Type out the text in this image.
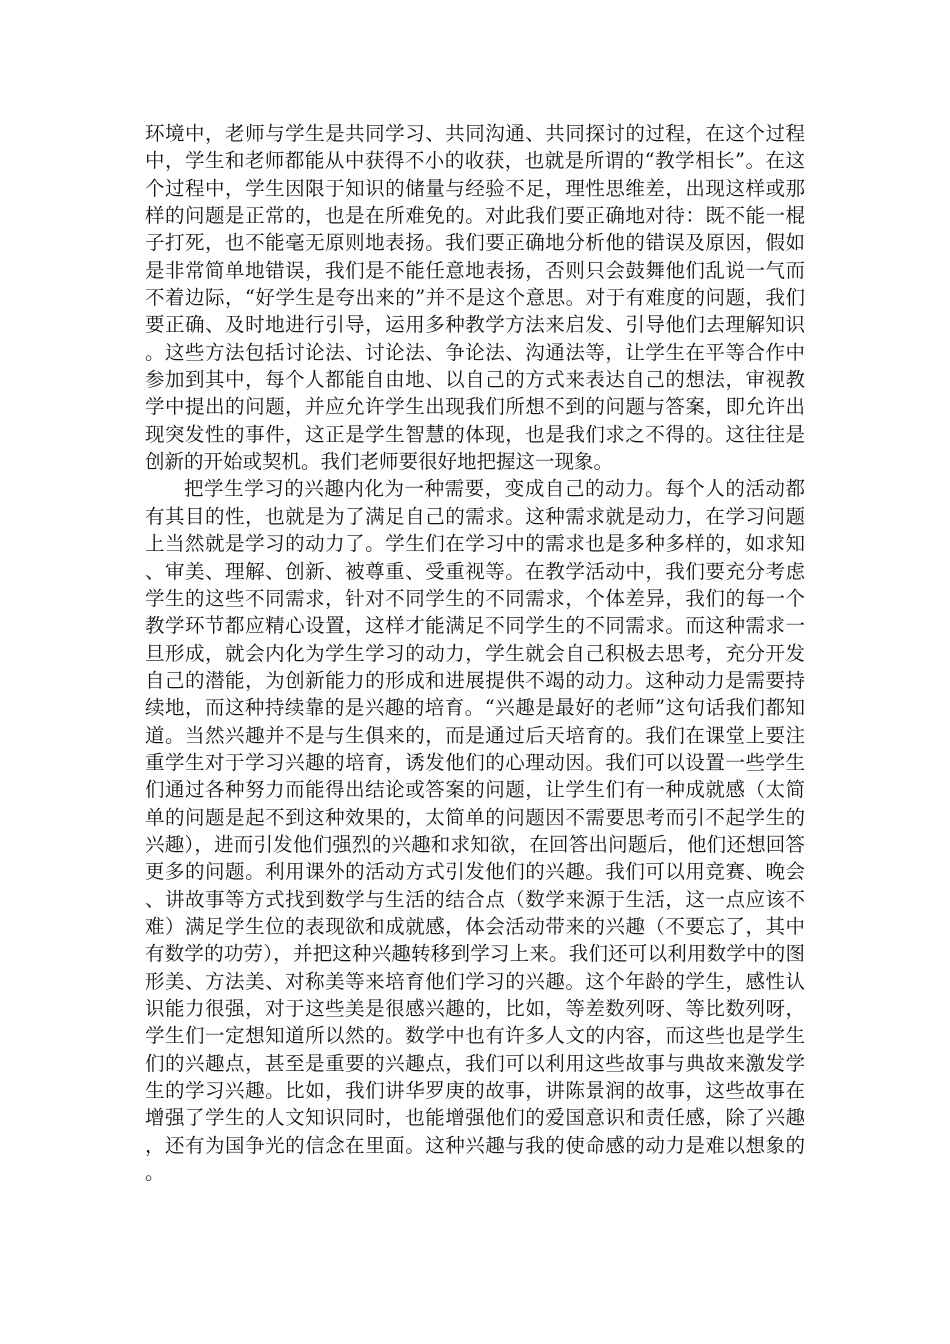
环境中，老师与学生是共同学习、共同沟通、共同探讨的过程，在这个过程中，学生和老师都能从中获得不小的收获，也就是所谓的“教学相长”。在这个过程中，学生因限于知识的储量与经验不足，理性思维差，出现这样或那样的问题是正常的，也是在所难免的。对此我们要正确地对待：既不能一棍子打死，也不能毫无原则地表扬。我们要正确地分析他的错误及原因，假如是非常简单地错误，我们是不能任意地表扬，否则只会鼓舞他们乱说一气而不着边际，“好学生是夸出来的”并不是这个意思。对于有难度的问题，我们要正确、及时地进行引导，运用多种教学方法来启发、引导他们去理解知识。这些方法包括讨论法、讨论法、争论法、沟通法等，让学生在平等合作中参加到其中，每个人都能自由地、以自己的方式来表达自己的想法，审视教学中提出的问题，并应允许学生出现我们所想不到的问题与答案，即允许出现突发性的事件，这正是学生智慧的体现，也是我们求之不得的。这往往是创新的开始或契机。我们老师要很好地把握这一现象。

把学生学习的兴趣内化为一种需要，变成自己的动力。每个人的活动都有其目的性，也就是为了满足自己的需求。这种需求就是动力，在学习问题上当然就是学习的动力了。学生们在学习中的需求也是多种多样的，如求知、审美、理解、创新、被尊重、受重视等。在教学活动中，我们要充分考虑学生的这些不同需求，针对不同学生的不同需求，个体差异，我们的每一个教学环节都应精心设置，这样才能满足不同学生的不同需求。而这种需求一旦形成，就会内化为学生学习的动力，学生就会自己积极去思考，充分开发自己的潜能，为创新能力的形成和进展提供不竭的动力。这种动力是需要持续地，而这种持续靠的是兴趣的培育。“兴趣是最好的老师”这句话我们都知道。当然兴趣并不是与生俱来的，而是通过后天培育的。我们在课堂上要注重学生对于学习兴趣的培育，诱发他们的心理动因。我们可以设置一些学生们通过各种努力而能得出结论或答案的问题，让学生们有一种成就感（太简单的问题是起不到这种效果的，太简单的问题因不需要思考而引不起学生的兴趣），进而引发他们强烈的兴趣和求知欲，在回答出问题后，他们还想回答更多的问题。利用课外的活动方式引发他们的兴趣。我们可以用竞赛、晚会、讲故事等方式找到数学与生活的结合点（数学来源于生活，这一点应该不难）满足学生位的表现欲和成就感，体会活动带来的兴趣（不要忘了，其中有数学的功劳），并把这种兴趣转移到学习上来。我们还可以利用数学中的图形美、方法美、对称美等来培育他们学习的兴趣。这个年龄的学生，感性认识能力很强，对于这些美是很感兴趣的，比如，等差数列呀、等比数列呀，学生们一定想知道所以然的。数学中也有许多人文的内容，而这些也是学生们的兴趣点，甚至是重要的兴趣点，我们可以利用这些故事与典故来激发学生的学习兴趣。比如，我们讲华罗庚的故事，讲陈景润的故事，这些故事在增强了学生的人文知识同时，也能增强他们的爱国意识和责任感，除了兴趣，还有为国争光的信念在里面。这种兴趣与我的使命感的动力是难以想象的。
